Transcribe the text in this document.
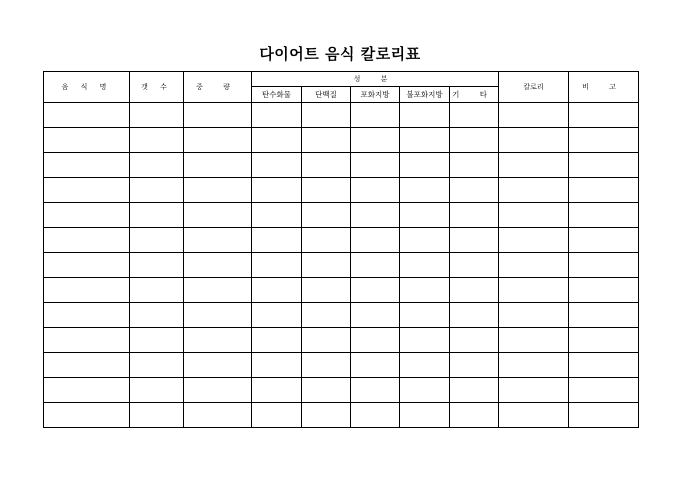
다이어트 음식 칼로리표
음 식 명	갯 수	중 량	성 분					칼로리	비 고
			탄수화물	단백질	포화지방	불포화지방	기 타		
